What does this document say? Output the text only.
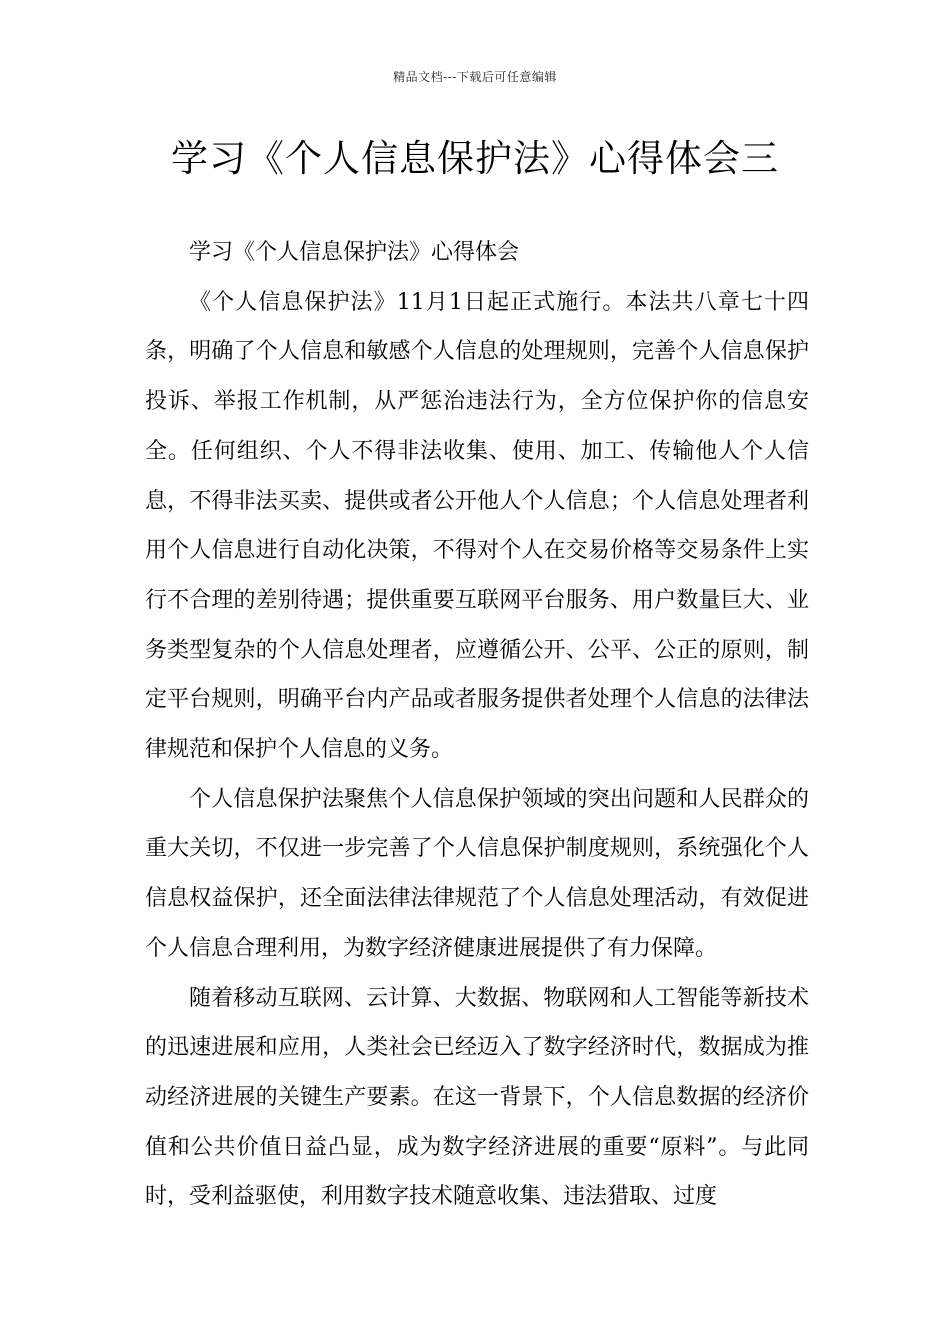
精品文档---下载后可任意编辑
学习《个人信息保护法》心得体会三

学习《个人信息保护法》心得体会

《个人信息保护法》11月1日起正式施行。本法共八章七十四条，明确了个人信息和敏感个人信息的处理规则，完善个人信息保护投诉、举报工作机制，从严惩治违法行为，全方位保护你的信息安全。任何组织、个人不得非法收集、使用、加工、传输他人个人信息，不得非法买卖、提供或者公开他人个人信息；个人信息处理者利用个人信息进行自动化决策，不得对个人在交易价格等交易条件上实行不合理的差别待遇；提供重要互联网平台服务、用户数量巨大、业务类型复杂的个人信息处理者，应遵循公开、公平、公正的原则，制定平台规则，明确平台内产品或者服务提供者处理个人信息的法律法律规范和保护个人信息的义务。

个人信息保护法聚焦个人信息保护领域的突出问题和人民群众的重大关切，不仅进一步完善了个人信息保护制度规则，系统强化个人信息权益保护，还全面法律法律规范了个人信息处理活动，有效促进个人信息合理利用，为数字经济健康进展提供了有力保障。

随着移动互联网、云计算、大数据、物联网和人工智能等新技术的迅速进展和应用，人类社会已经迈入了数字经济时代，数据成为推动经济进展的关键生产要素。在这一背景下，个人信息数据的经济价值和公共价值日益凸显，成为数字经济进展的重要“原料”。与此同时，受利益驱使，利用数字技术随意收集、违法猎取、过度
